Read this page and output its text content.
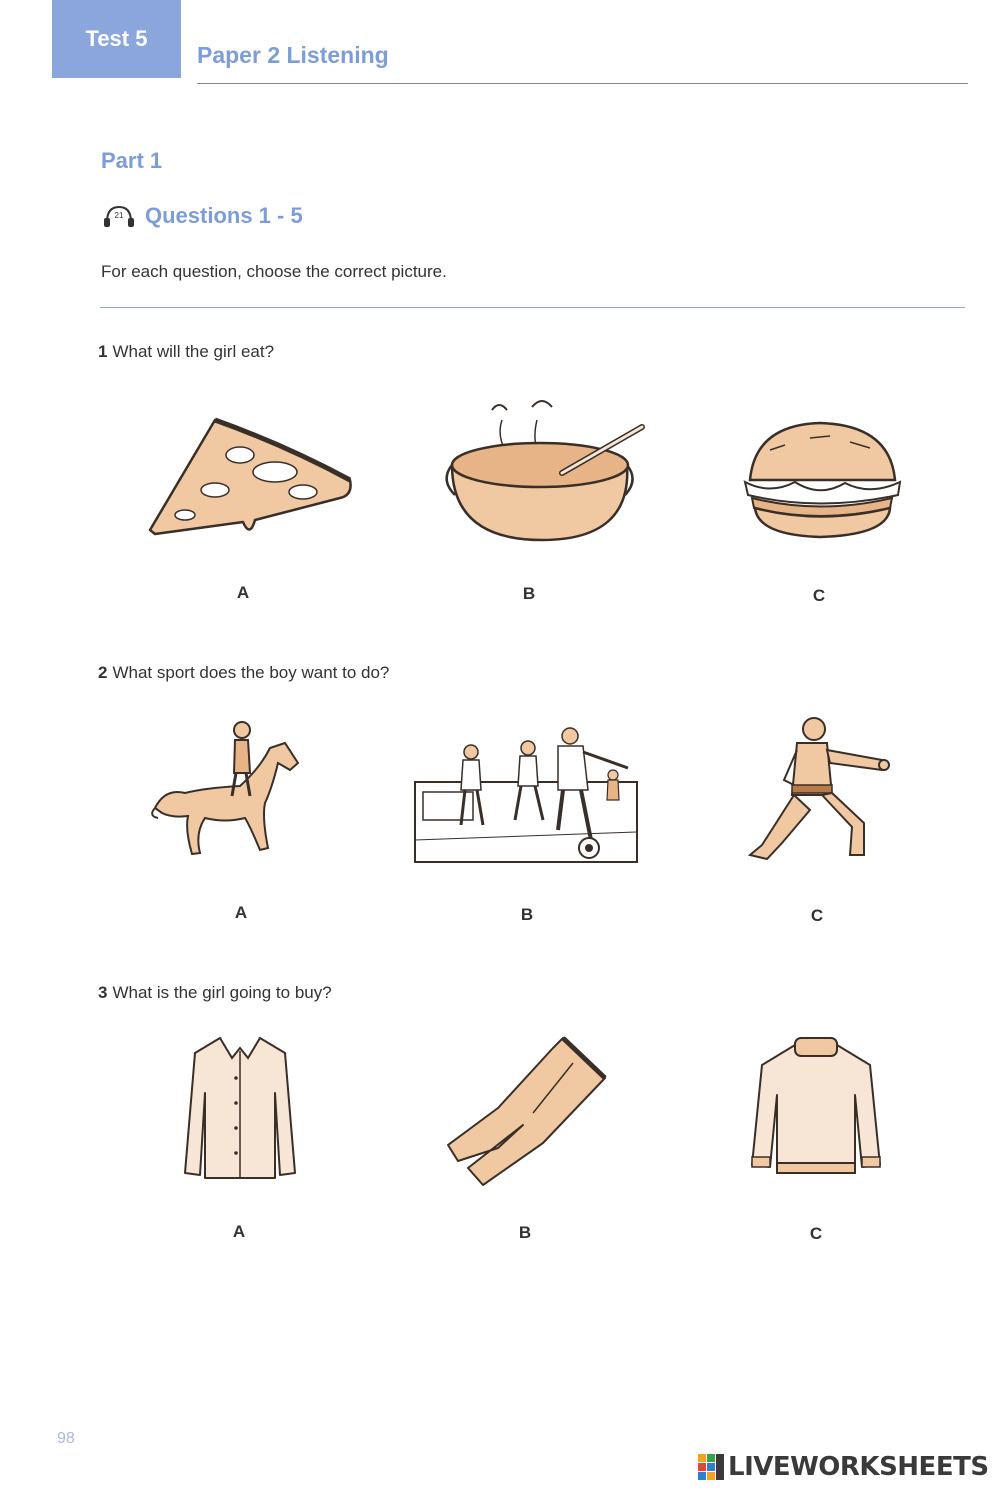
Test 5
Paper 2 Listening
Part 1
21 Questions 1 - 5
For each question, choose the correct picture.
1 What will the girl eat?
A	B	C
2 What sport does the boy want to do?
A	B	C
3 What is the girl going to buy?
A	B	C
98
LIVEWORKSHEETS
